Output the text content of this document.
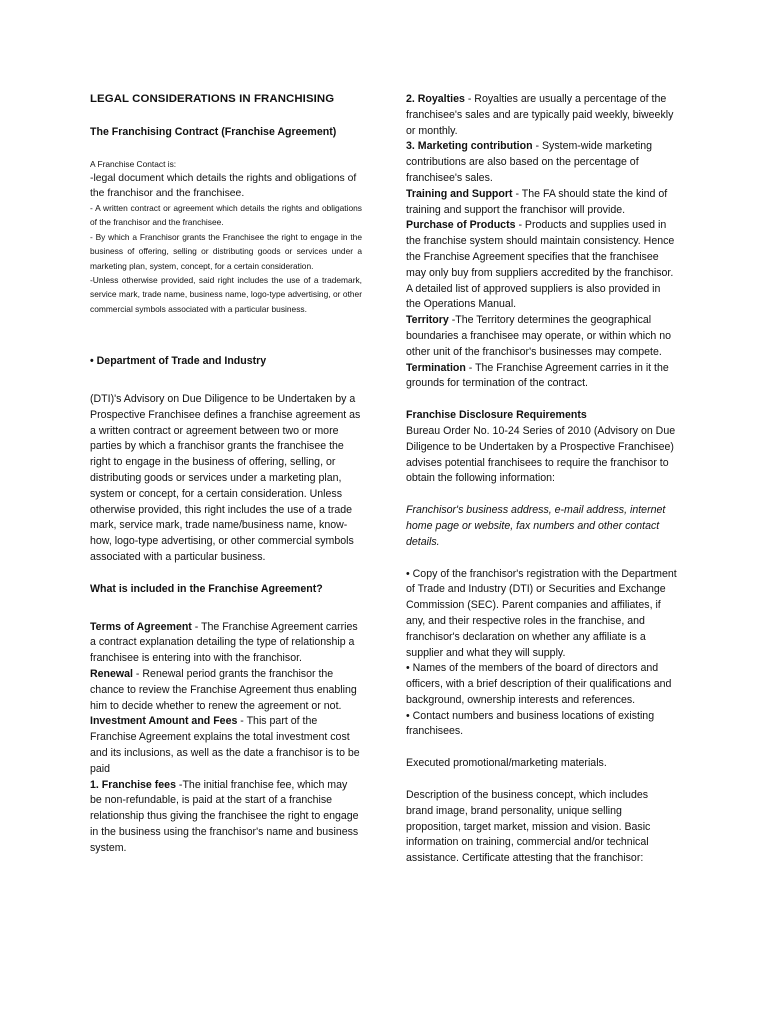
LEGAL CONSIDERATIONS IN FRANCHISING

The Franchising Contract (Franchise Agreement)

A Franchise Contact is:

-legal document which details the rights and obligations of the franchisor and the franchisee.

- A written contract or agreement which details the rights and obligations of the franchisor and the franchisee.

- By which a Franchisor grants the Franchisee the right to engage in the business of offering, selling or distributing goods or services under a marketing plan, system, concept, for a certain consideration.

-Unless otherwise provided, said right includes the use of a trademark, service mark, trade name, business name, logo-type advertising, or other commercial symbols associated with a particular business.

• Department of Trade and Industry

(DTI)'s Advisory on Due Diligence to be Undertaken by a Prospective Franchisee defines a franchise agreement as a written contract or agreement between two or more parties by which a franchisor grants the franchisee the right to engage in the business of offering, selling, or distributing goods or services under a marketing plan, system or concept, for a certain consideration. Unless otherwise provided, this right includes the use of a trade mark, service mark, trade name/business name, know-how, logo-type advertising, or other commercial symbols associated with a particular business.

What is included in the Franchise Agreement?

Terms of Agreement - The Franchise Agreement carries a contract explanation detailing the type of relationship a franchisee is entering into with the franchisor.

Renewal - Renewal period grants the franchisor the chance to review the Franchise Agreement thus enabling him to decide whether to renew the agreement or not.

Investment Amount and Fees - This part of the Franchise Agreement explains the total investment cost and its inclusions, as well as the date a franchisor is to be paid

1. Franchise fees -The initial franchise fee, which may be non-refundable, is paid at the start of a franchise relationship thus giving the franchisee the right to engage in the business using the franchisor's name and business system.

2. Royalties - Royalties are usually a percentage of the franchisee's sales and are typically paid weekly, biweekly or monthly.

3. Marketing contribution - System-wide marketing contributions are also based on the percentage of franchisee's sales.

Training and Support - The FA should state the kind of training and support the franchisor will provide.

Purchase of Products - Products and supplies used in the franchise system should maintain consistency. Hence the Franchise Agreement specifies that the franchisee may only buy from suppliers accredited by the franchisor. A detailed list of approved suppliers is also provided in the Operations Manual.

Territory -The Territory determines the geographical boundaries a franchisee may operate, or within which no other unit of the franchisor's businesses may compete.

Termination - The Franchise Agreement carries in it the grounds for termination of the contract.

Franchise Disclosure Requirements

Bureau Order No. 10-24 Series of 2010 (Advisory on Due Diligence to be Undertaken by a Prospective Franchisee) advises potential franchisees to require the franchisor to obtain the following information:

Franchisor's business address, e-mail address, internet home page or website, fax numbers and other contact details.

• Copy of the franchisor's registration with the Department of Trade and Industry (DTI) or Securities and Exchange Commission (SEC). Parent companies and affiliates, if any, and their respective roles in the franchise, and franchisor's declaration on whether any affiliate is a supplier and what they will supply.

• Names of the members of the board of directors and officers, with a brief description of their qualifications and background, ownership interests and references.

• Contact numbers and business locations of existing franchisees.

Executed promotional/marketing materials.

Description of the business concept, which includes brand image, brand personality, unique selling proposition, target market, mission and vision. Basic information on training, commercial and/or technical assistance. Certificate attesting that the franchisor:
